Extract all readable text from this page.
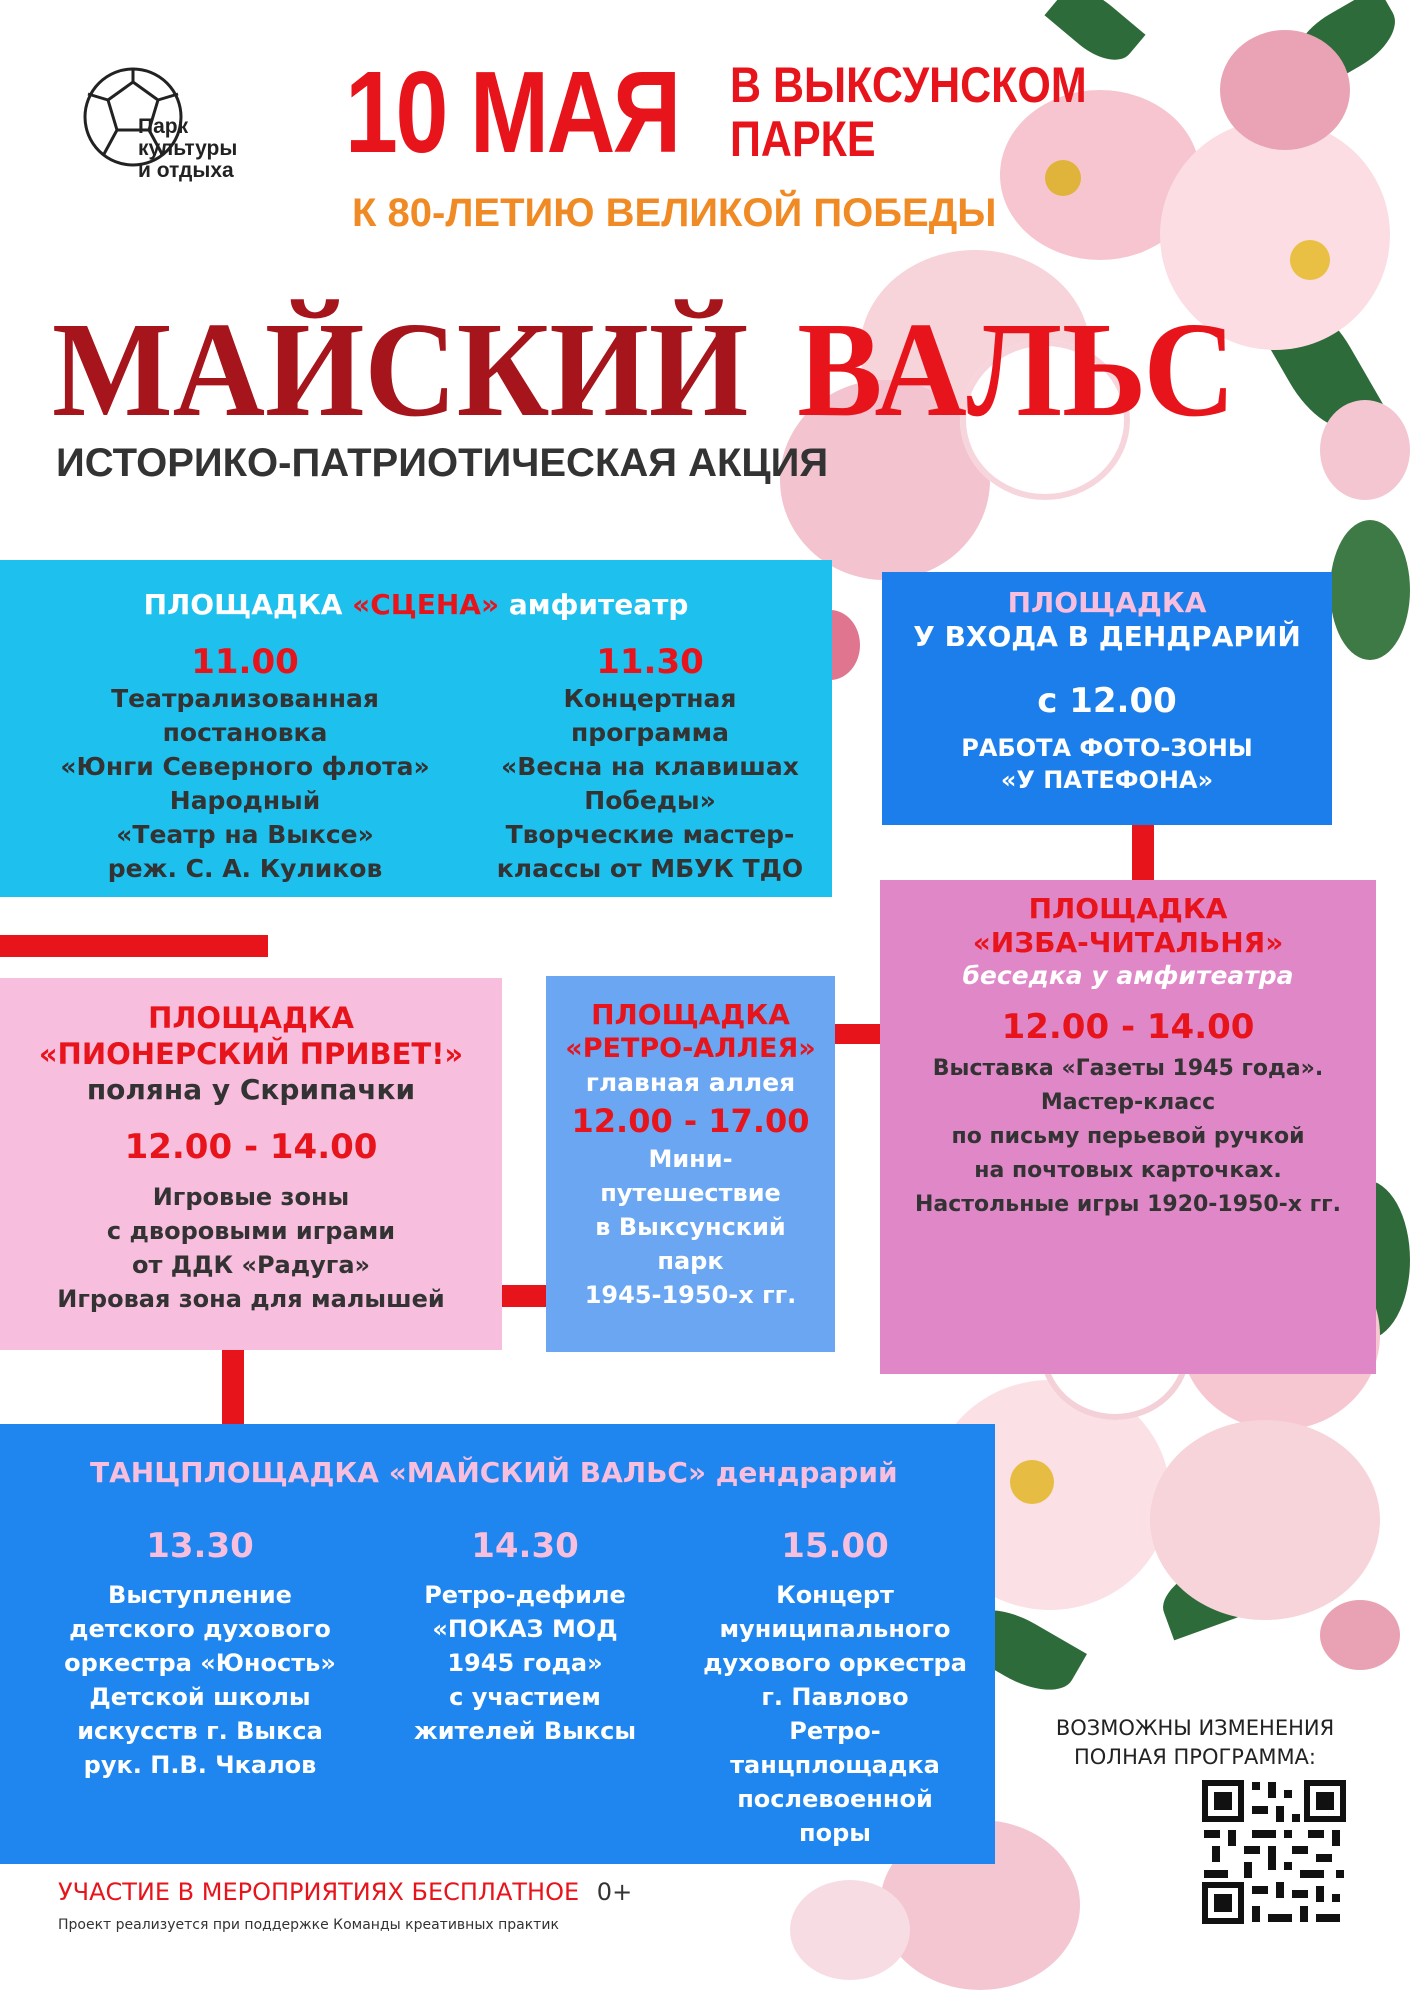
Парк
культуры
и отдыха 10 МАЯ В ВЫКСУНСКОМ
ПАРКЕ
К 80-ЛЕТИЮ ВЕЛИКОЙ ПОБЕДЫ
МАЙСКИЙ ВАЛЬС
ИСТОРИКО-ПАТРИОТИЧЕСКАЯ АКЦИЯ
ПЛОЩАДКА «СЦЕНА» амфитеатр
11.00
Театрализованная
постановка
«Юнги Северного флота»
Народный
«Театр на Выксе»
реж. С. А. Куликов
11.30
Концертная
программа
«Весна на клавишах
Победы»
Творческие мастер-
классы от МБУК ТДО
ПЛОЩАДКА
У ВХОДА В ДЕНДРАРИЙ
с 12.00
РАБОТА ФОТО-ЗОНЫ
«У ПАТЕФОНА»
ПЛОЩАДКА
«ИЗБА-ЧИТАЛЬНЯ»
беседка у амфитеатра
12.00 - 14.00
Выставка «Газеты 1945 года».
Мастер-класс
по письму перьевой ручкой
на почтовых карточках.
Настольные игры 1920-1950-х гг.
ПЛОЩАДКА
«ПИОНЕРСКИЙ ПРИВЕТ!»
поляна у Скрипачки
12.00 - 14.00
Игровые зоны
с дворовыми играми
от ДДК «Радуга»
Игровая зона для малышей
ПЛОЩАДКА
«РЕТРО-АЛЛЕЯ»
главная аллея
12.00 - 17.00
Мини-
путешествие
в Выксунский
парк
1945-1950-х гг.
ТАНЦПЛОЩАДКА «МАЙСКИЙ ВАЛЬС» дендрарий
13.30
Выступление
детского духового
оркестра «Юность»
Детской школы
искусств г. Выкса
рук. П.В. Чкалов
14.30
Ретро-дефиле
«ПОКАЗ МОД
1945 года»
с участием
жителей Выксы
15.00
Концерт
муниципального
духового оркестра
г. Павлово
Ретро-
танцплощадка
послевоенной
поры
ВОЗМОЖНЫ ИЗМЕНЕНИЯ
ПОЛНАЯ ПРОГРАММА:
УЧАСТИЕ В МЕРОПРИЯТИЯХ БЕСПЛАТНОЕ 0+
Проект реализуется при поддержке Команды креативных практик
